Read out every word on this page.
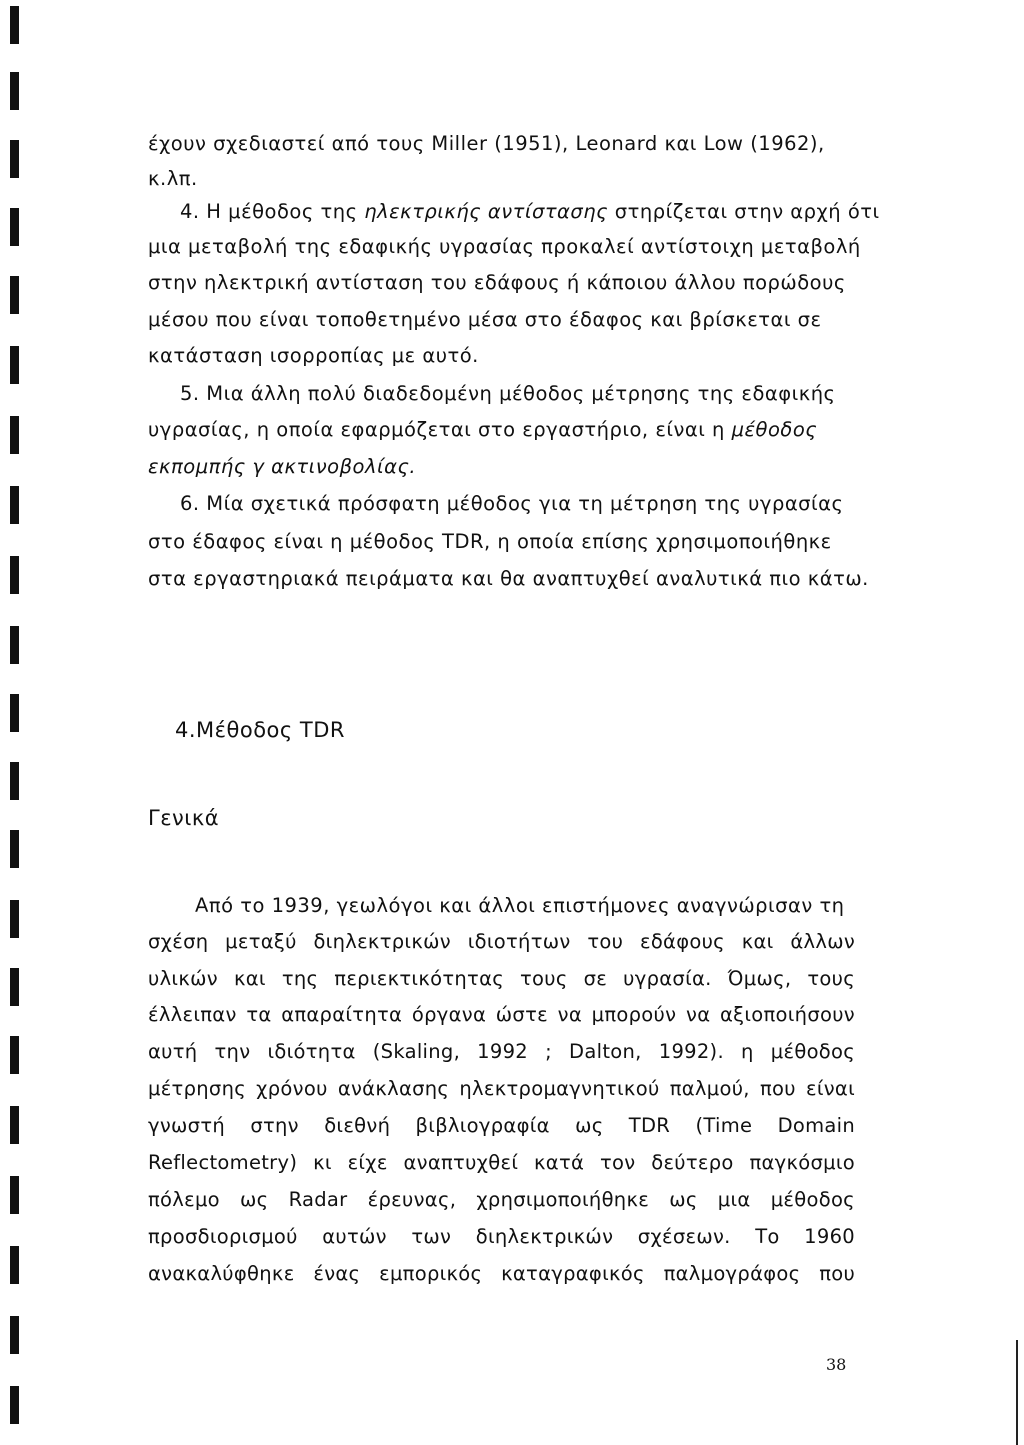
έχουν σχεδιαστεί από τους Miller (1951), Leonard και Low (1962),
κ.λπ.
4. Η μέθοδος της ηλεκτρικής αντίστασης στηρίζεται στην αρχή ότι
μια μεταβολή της εδαφικής υγρασίας προκαλεί αντίστοιχη μεταβολή
στην ηλεκτρική αντίσταση του εδάφους ή κάποιου άλλου πορώδους
μέσου που είναι τοποθετημένο μέσα στο έδαφος και βρίσκεται σε
κατάσταση ισορροπίας με αυτό.
5. Μια άλλη πολύ διαδεδομένη μέθοδος μέτρησης της εδαφικής
υγρασίας, η οποία εφαρμόζεται στο εργαστήριο, είναι η μέθοδος
εκπομπής γ ακτινοβολίας.
6. Μία σχετικά πρόσφατη μέθοδος για τη μέτρηση της υγρασίας
στο έδαφος είναι η μέθοδος TDR, η οποία επίσης χρησιμοποιήθηκε
στα εργαστηριακά πειράματα και θα αναπτυχθεί αναλυτικά πιο κάτω.
4.Μέθοδος TDR
Γενικά
Από το 1939, γεωλόγοι και άλλοι επιστήμονες αναγνώρισαν τη
σχέση μεταξύ διηλεκτρικών ιδιοτήτων του εδάφους και άλλων
υλικών και της περιεκτικότητας τους σε υγρασία. Όμως, τους
έλλειπαν τα απαραίτητα όργανα ώστε να μπορούν να αξιοποιήσουν
αυτή την ιδιότητα (Skaling, 1992 ; Dalton, 1992). η μέθοδος
μέτρησης χρόνου ανάκλασης ηλεκτρομαγνητικού παλμού, που είναι
γνωστή στην διεθνή βιβλιογραφία ως TDR (Time Domain
Reflectometry) κι είχε αναπτυχθεί κατά τον δεύτερο παγκόσμιο
πόλεμο ως Radar έρευνας, χρησιμοποιήθηκε ως μια μέθοδος
προσδιορισμού αυτών των διηλεκτρικών σχέσεων. Το 1960
ανακαλύφθηκε ένας εμπορικός καταγραφικός παλμογράφος που
38
